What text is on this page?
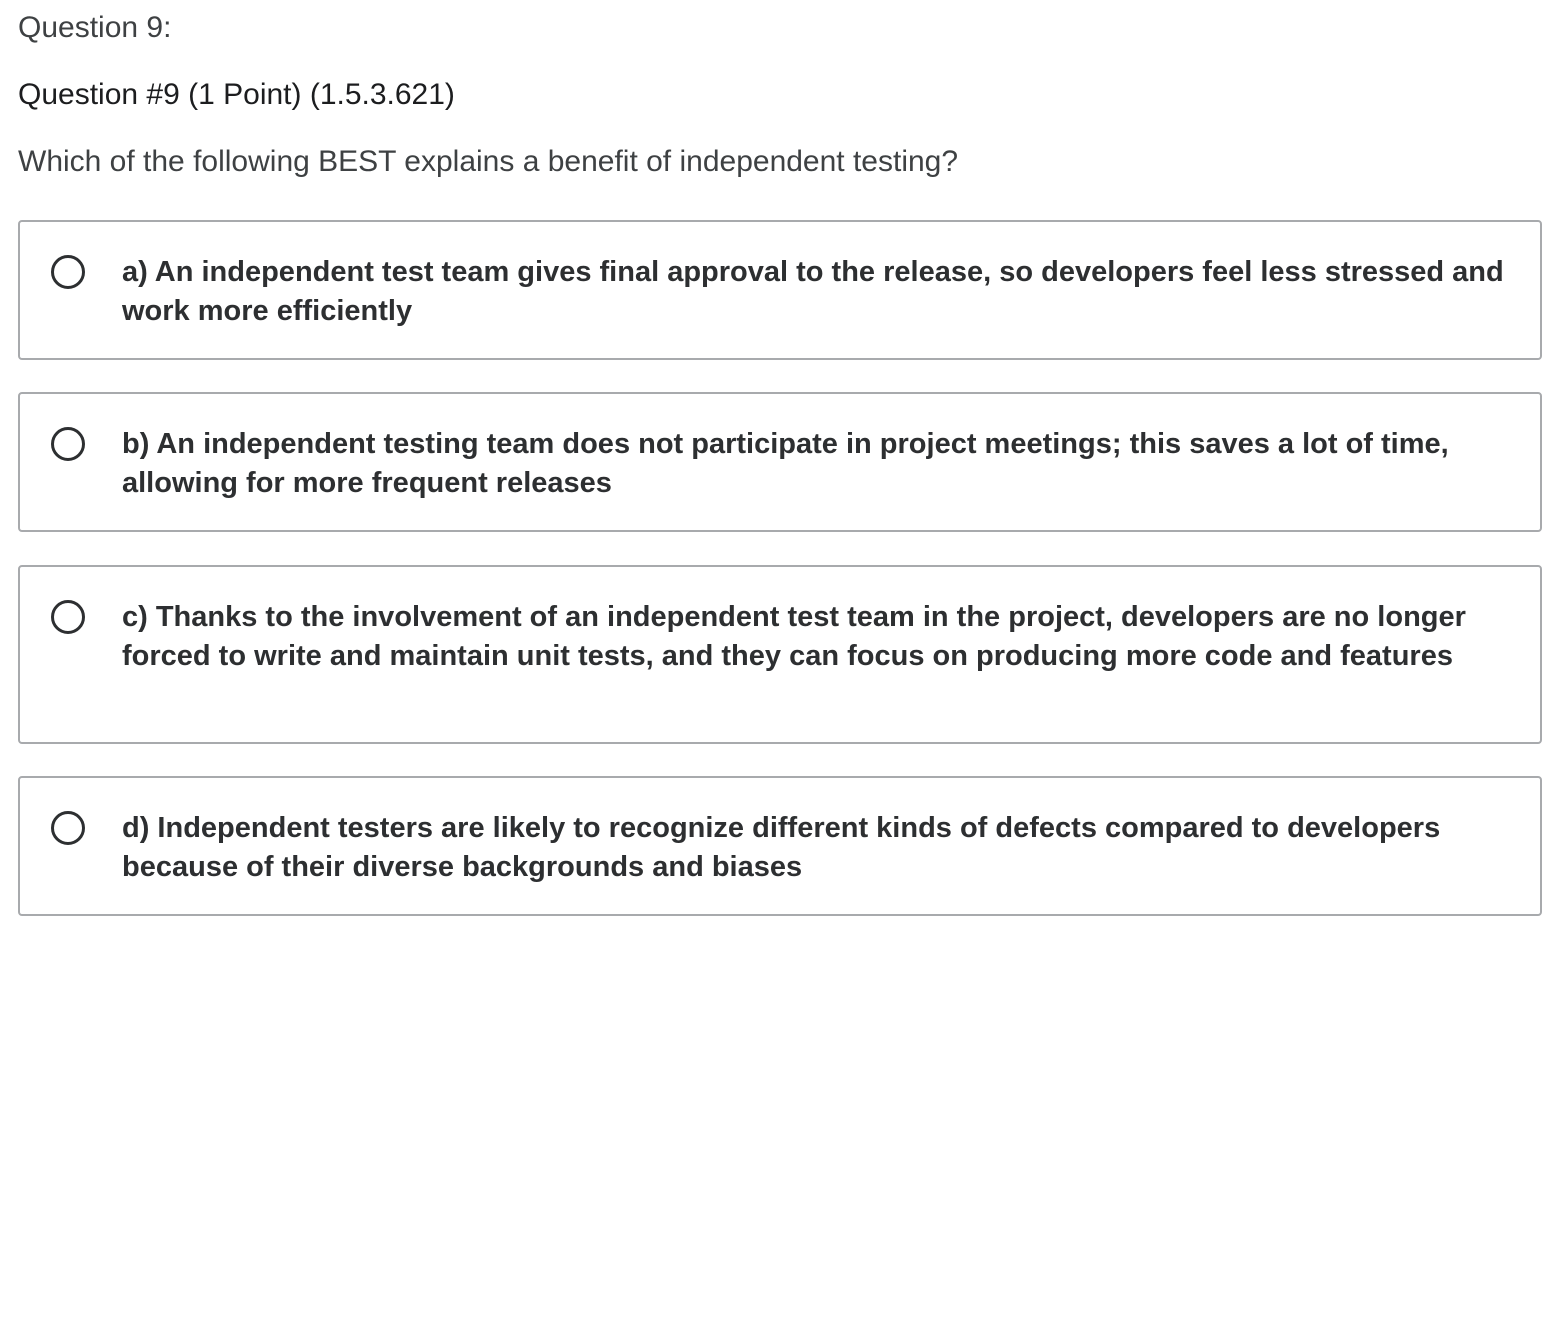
Question 9:
Question #9 (1 Point) (1.5.3.621)

Which of the following BEST explains a benefit of independent testing?

a) An independent test team gives final approval to the release, so developers feel less stressed and work more efficiently
b) An independent testing team does not participate in project meetings; this saves a lot of time, allowing for more frequent releases
c) Thanks to the involvement of an independent test team in the project, developers are no longer forced to write and maintain unit tests, and they can focus on producing more code and features
d) Independent testers are likely to recognize different kinds of defects compared to developers because of their diverse backgrounds and biases
